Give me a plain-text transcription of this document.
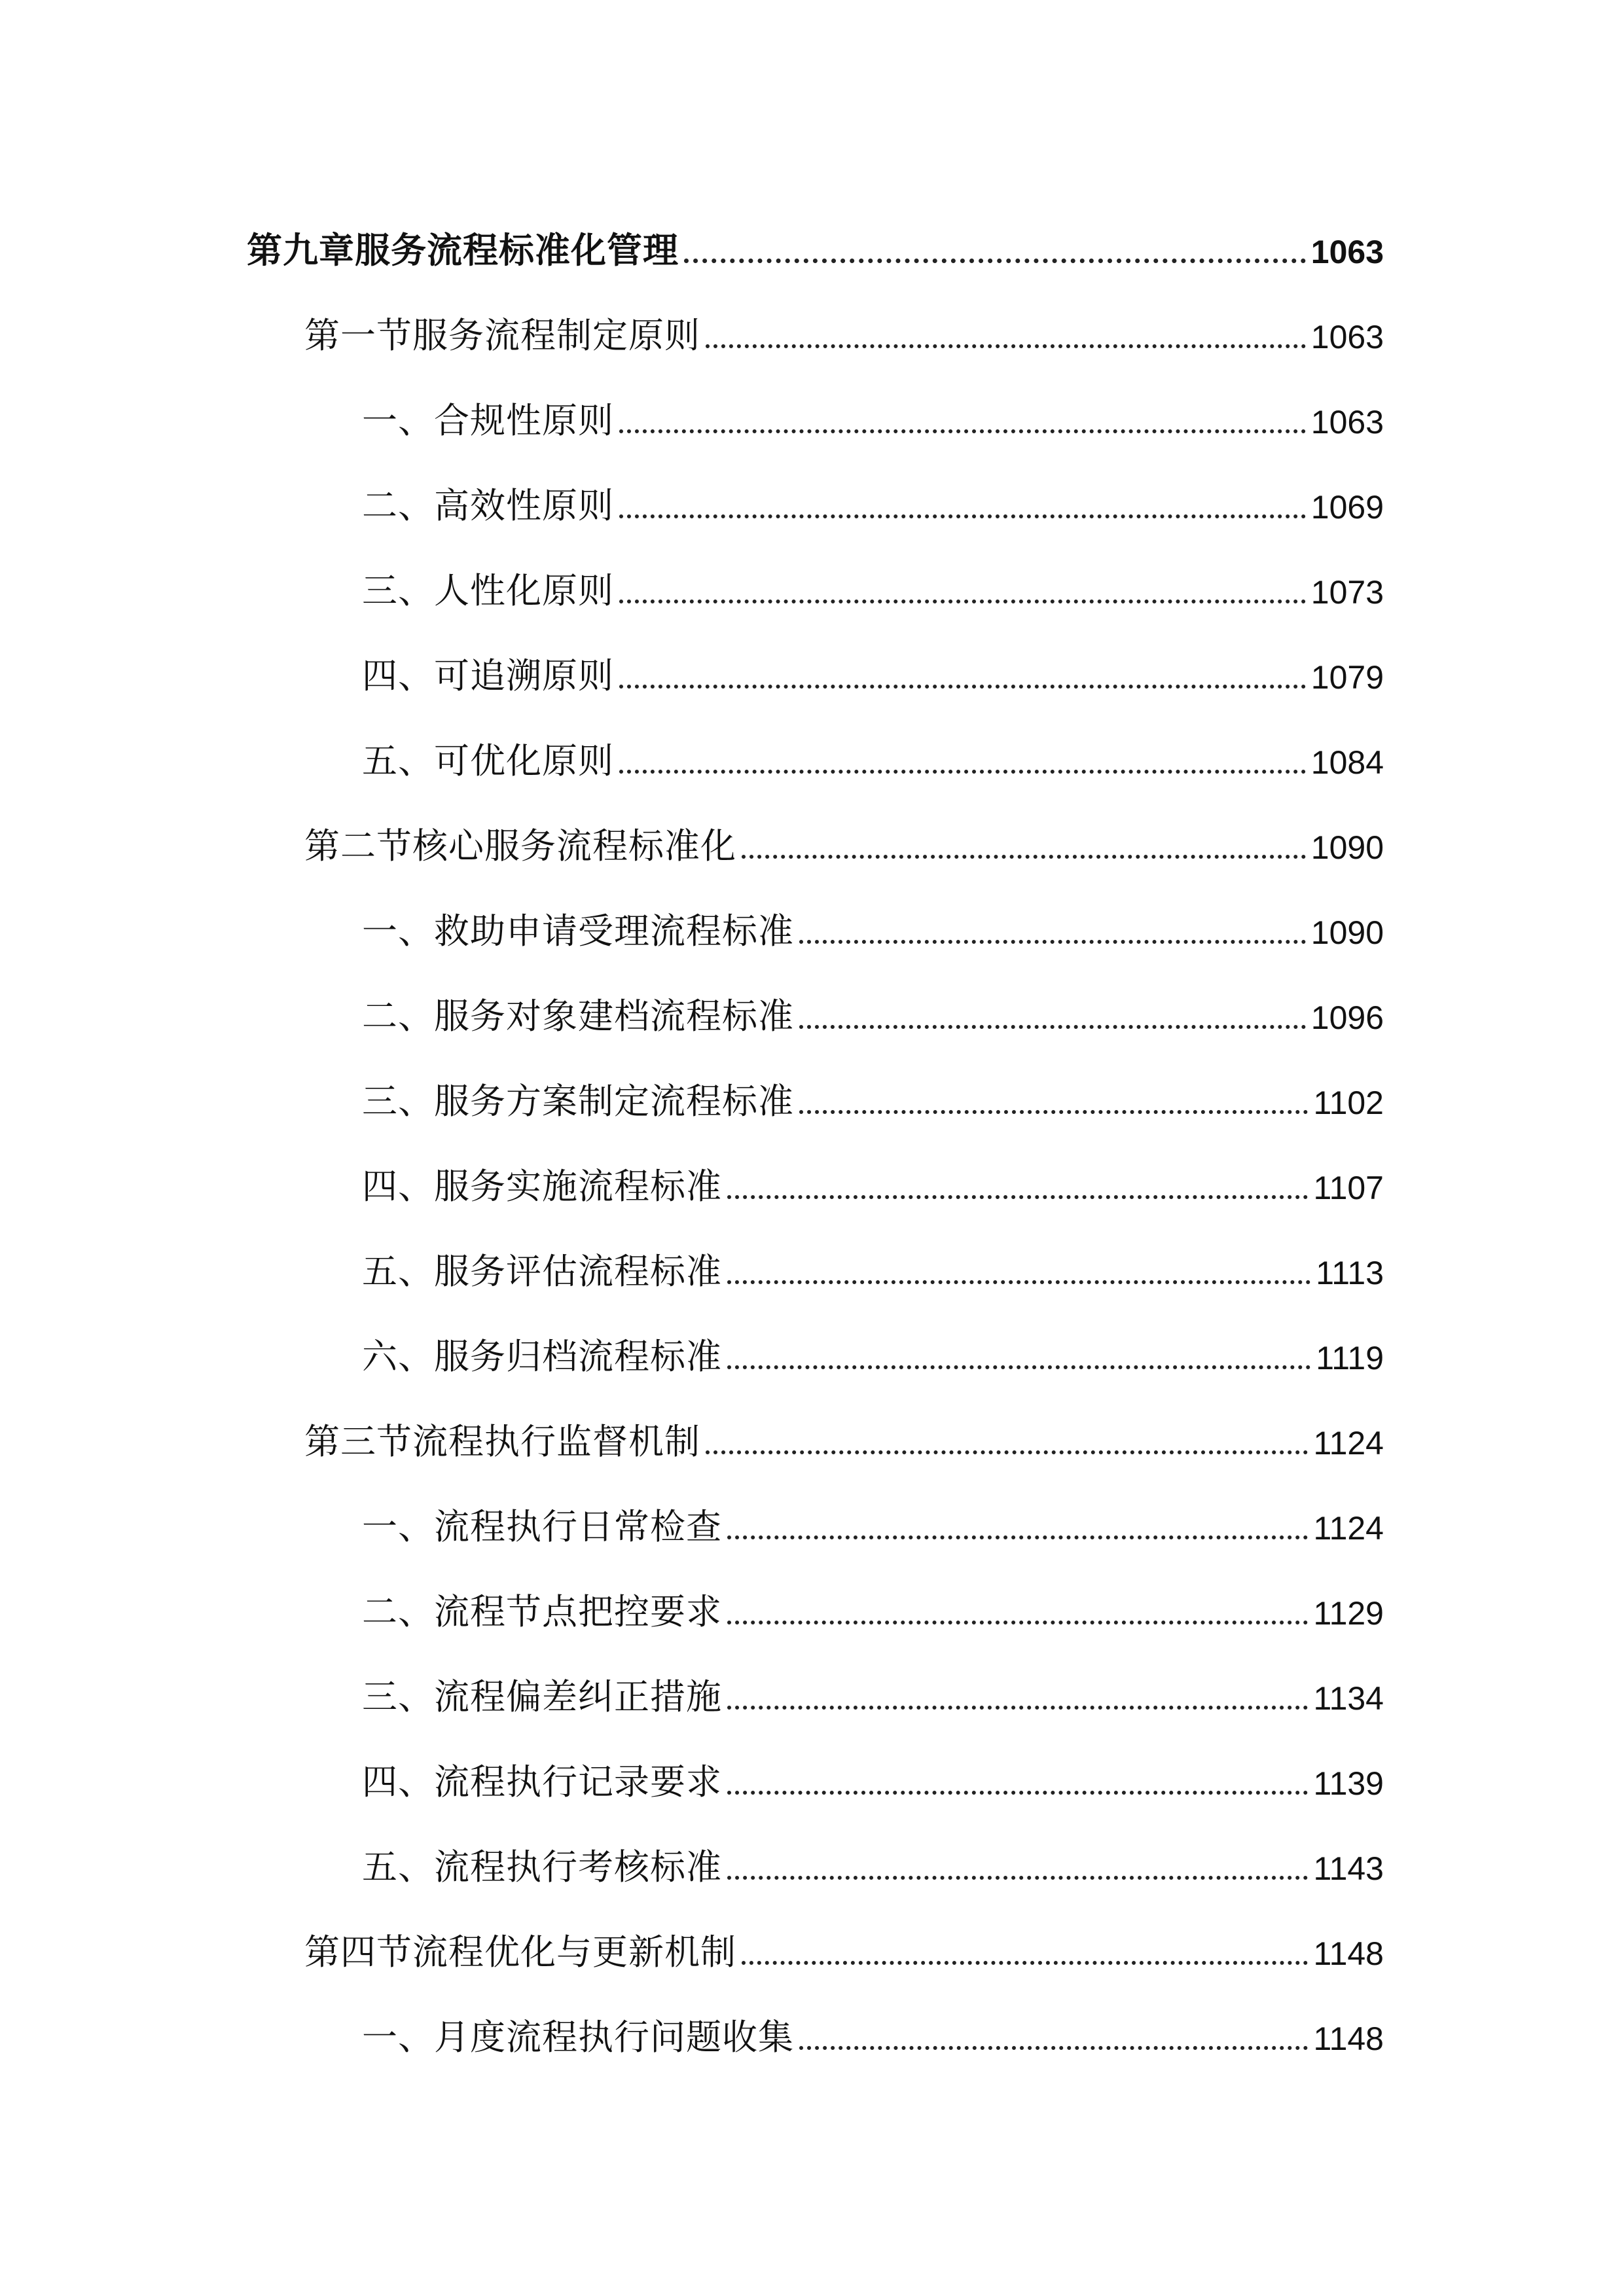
第九章服务流程标准化管理	1063
第一节服务流程制定原则	1063
一、合规性原则	1063
二、高效性原则	1069
三、人性化原则	1073
四、可追溯原则	1079
五、可优化原则	1084
第二节核心服务流程标准化	1090
一、救助申请受理流程标准	1090
二、服务对象建档流程标准	1096
三、服务方案制定流程标准	1102
四、服务实施流程标准	1107
五、服务评估流程标准	1113
六、服务归档流程标准	1119
第三节流程执行监督机制	1124
一、流程执行日常检查	1124
二、流程节点把控要求	1129
三、流程偏差纠正措施	1134
四、流程执行记录要求	1139
五、流程执行考核标准	1143
第四节流程优化与更新机制	1148
一、月度流程执行问题收集	1148
